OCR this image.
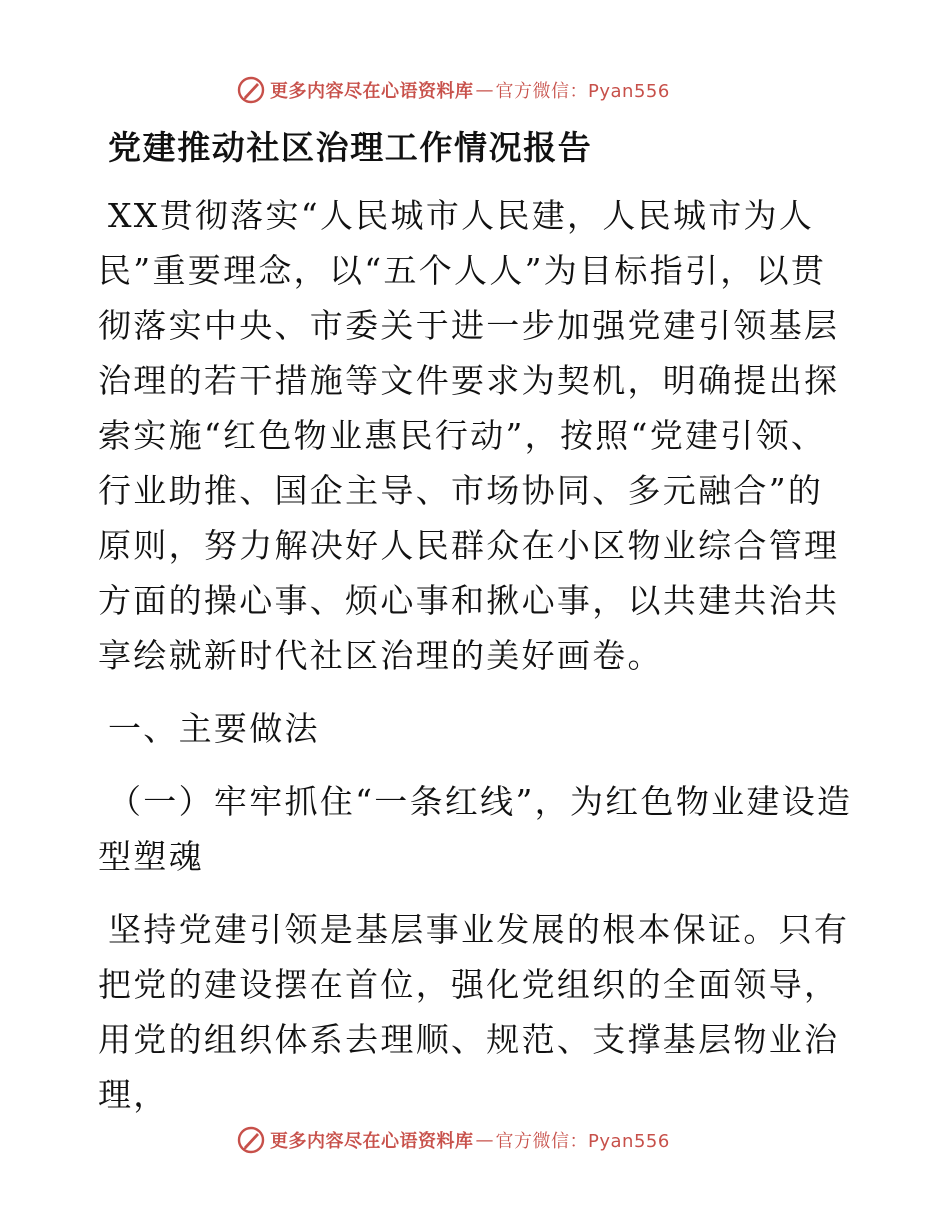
更多内容尽在心语资料库 — 官方微信：Pyan556
党建推动社区治理工作情况报告

XX贯彻落实“人民城市人民建，人民城市为人民”重要理念，以“五个人人”为目标指引，以贯彻落实中央、市委关于进一步加强党建引领基层治理的若干措施等文件要求为契机，明确提出探索实施“红色物业惠民行动”，按照“党建引领、行业助推、国企主导、市场协同、多元融合”的原则，努力解决好人民群众在小区物业综合管理方面的操心事、烦心事和揪心事，以共建共治共享绘就新时代社区治理的美好画卷。

一、主要做法

（一）牢牢抓住“一条红线”，为红色物业建设造型塑魂

坚持党建引领是基层事业发展的根本保证。只有把党的建设摆在首位，强化党组织的全面领导，用党的组织体系去理顺、规范、支撑基层物业治理，

更多内容尽在心语资料库 — 官方微信：Pyan556
